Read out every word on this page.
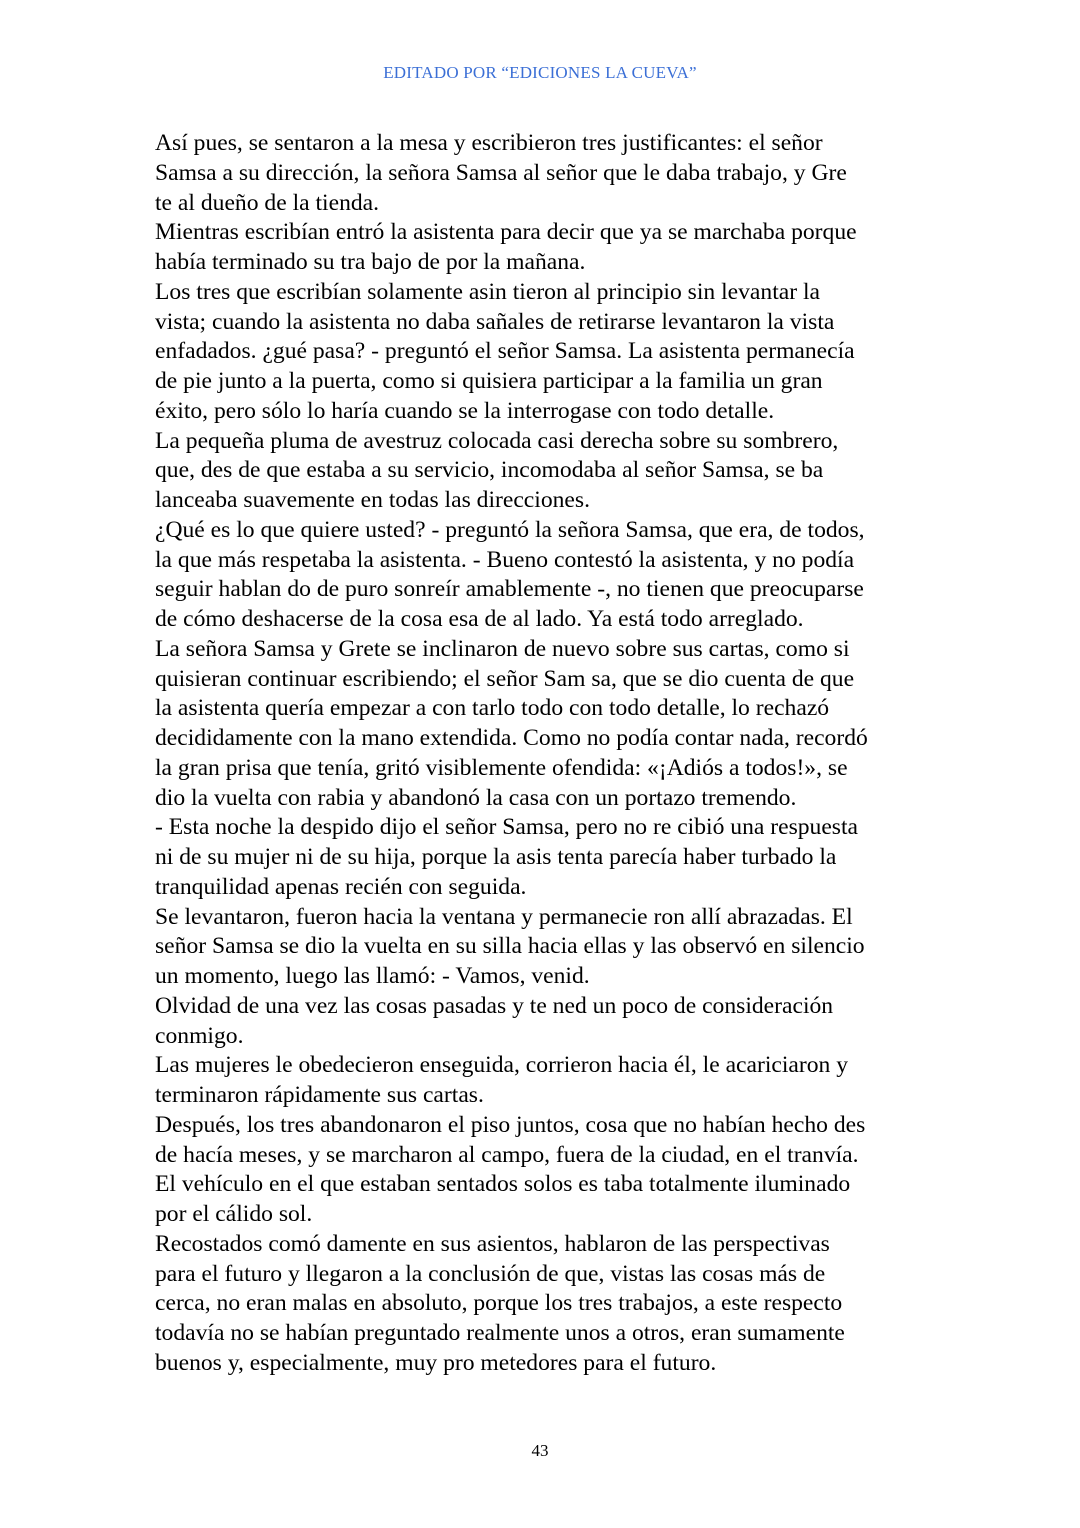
EDITADO POR “EDICIONES LA CUEVA”
Así pues, se sentaron a la mesa y escribieron tres justificantes: el señor
Samsa a su dirección, la señora Samsa al señor que le daba trabajo, y Gre
te al dueño de la tienda.
Mientras escribían entró la asistenta para decir que ya se marchaba porque
había terminado su tra bajo de por la mañana.
Los tres que escribían solamente asin tieron al principio sin levantar la
vista; cuando la asistenta no daba sañales de retirarse levantaron la vista
enfadados. ¿gué pasa? - preguntó el señor Samsa. La asistenta permanecía
de pie junto a la puerta, como si quisiera participar a la familia un gran
éxito, pero sólo lo haría cuando se la interrogase con todo detalle.
La pequeña pluma de avestruz colocada casi derecha sobre su sombrero,
que, des de que estaba a su servicio, incomodaba al señor Samsa, se ba
lanceaba suavemente en todas las direcciones.
¿Qué es lo que quiere usted? - preguntó la señora Samsa, que era, de todos,
la que más respetaba la asistenta. - Bueno contestó la asistenta, y no podía
seguir hablan do de puro sonreír amablemente -, no tienen que preocuparse
de cómo deshacerse de la cosa esa de al lado. Ya está todo arreglado.
La señora Samsa y Grete se inclinaron de nuevo sobre sus cartas, como si
quisieran continuar escribiendo; el señor Sam sa, que se dio cuenta de que
la asistenta quería empezar a con tarlo todo con todo detalle, lo rechazó
decididamente con la mano extendida. Como no podía contar nada, recordó
la gran prisa que tenía, gritó visiblemente ofendida: «¡Adiós a todos!», se
dio la vuelta con rabia y abandonó la casa con un portazo tremendo.
- Esta noche la despido dijo el señor Samsa, pero no re cibió una respuesta
ni de su mujer ni de su hija, porque la asis tenta parecía haber turbado la
tranquilidad apenas recién con seguida.
Se levantaron, fueron hacia la ventana y permanecie ron allí abrazadas. El
señor Samsa se dio la vuelta en su silla hacia ellas y las observó en silencio
un momento, luego las llamó: - Vamos, venid.
Olvidad de una vez las cosas pasadas y te ned un poco de consideración
conmigo.
Las mujeres le obedecieron enseguida, corrieron hacia él, le acariciaron y
terminaron rápidamente sus cartas.
Después, los tres abandonaron el piso juntos, cosa que no habían hecho des
de hacía meses, y se marcharon al campo, fuera de la ciudad, en el tranvía.
El vehículo en el que estaban sentados solos es taba totalmente iluminado
por el cálido sol.
Recostados comó damente en sus asientos, hablaron de las perspectivas
para el futuro y llegaron a la conclusión de que, vistas las cosas más de
cerca, no eran malas en absoluto, porque los tres trabajos, a este respecto
todavía no se habían preguntado realmente unos a otros, eran sumamente
buenos y, especialmente, muy pro metedores para el futuro.
43
